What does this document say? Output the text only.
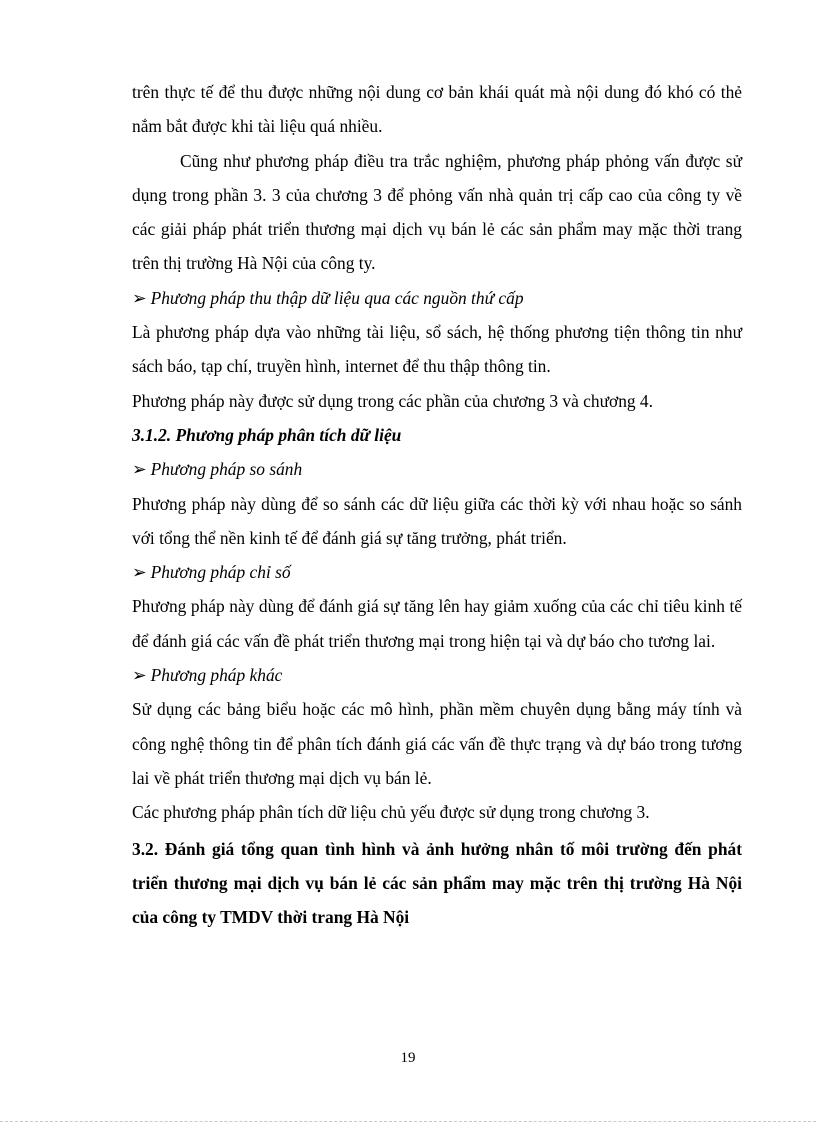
trên thực tế để thu được những nội dung cơ bản khái quát mà nội dung đó khó có thẻ nắm bắt được khi tài liệu quá nhiều.

Cũng như phương pháp điều tra trắc nghiệm, phương pháp phỏng vấn được sử dụng trong phần 3. 3 của chương 3 để phỏng vấn nhà quản trị cấp cao của công ty về các giải pháp phát triển thương mại dịch vụ bán lẻ các sản phẩm may mặc thời trang trên thị trường Hà Nội của công ty.

➢ Phương pháp thu thập dữ liệu qua các nguồn thứ cấp

Là phương pháp dựa vào những tài liệu, sổ sách, hệ thống phương tiện thông tin như sách báo, tạp chí, truyền hình, internet để thu thập thông tin.

Phương pháp này được sử dụng trong các phần của chương 3 và chương 4.

3.1.2. Phương pháp phân tích dữ liệu

➢ Phương pháp so sánh

Phương pháp này dùng để so sánh các dữ liệu giữa các thời kỳ với nhau hoặc so sánh với tổng thể nền kinh tế để đánh giá sự tăng trưởng, phát triển.

➢ Phương pháp chỉ số

Phương pháp này dùng để đánh giá sự tăng lên hay giảm xuống của các chỉ tiêu kinh tế để đánh giá các vấn đề phát triển thương mại trong hiện tại và dự báo cho tương lai.

➢ Phương pháp khác

Sử dụng các bảng biểu hoặc các mô hình, phần mềm chuyên dụng bằng máy tính và công nghệ thông tin để phân tích đánh giá các vấn đề thực trạng và dự báo trong tương lai về phát triển thương mại dịch vụ bán lẻ.

Các phương pháp phân tích dữ liệu chủ yếu được sử dụng trong chương 3.

3.2. Đánh giá tổng quan tình hình và ảnh hưởng nhân tố môi trường đến phát triển thương mại dịch vụ bán lẻ các sản phẩm may mặc trên thị trường Hà Nội của công ty TMDV thời trang Hà Nội

19
